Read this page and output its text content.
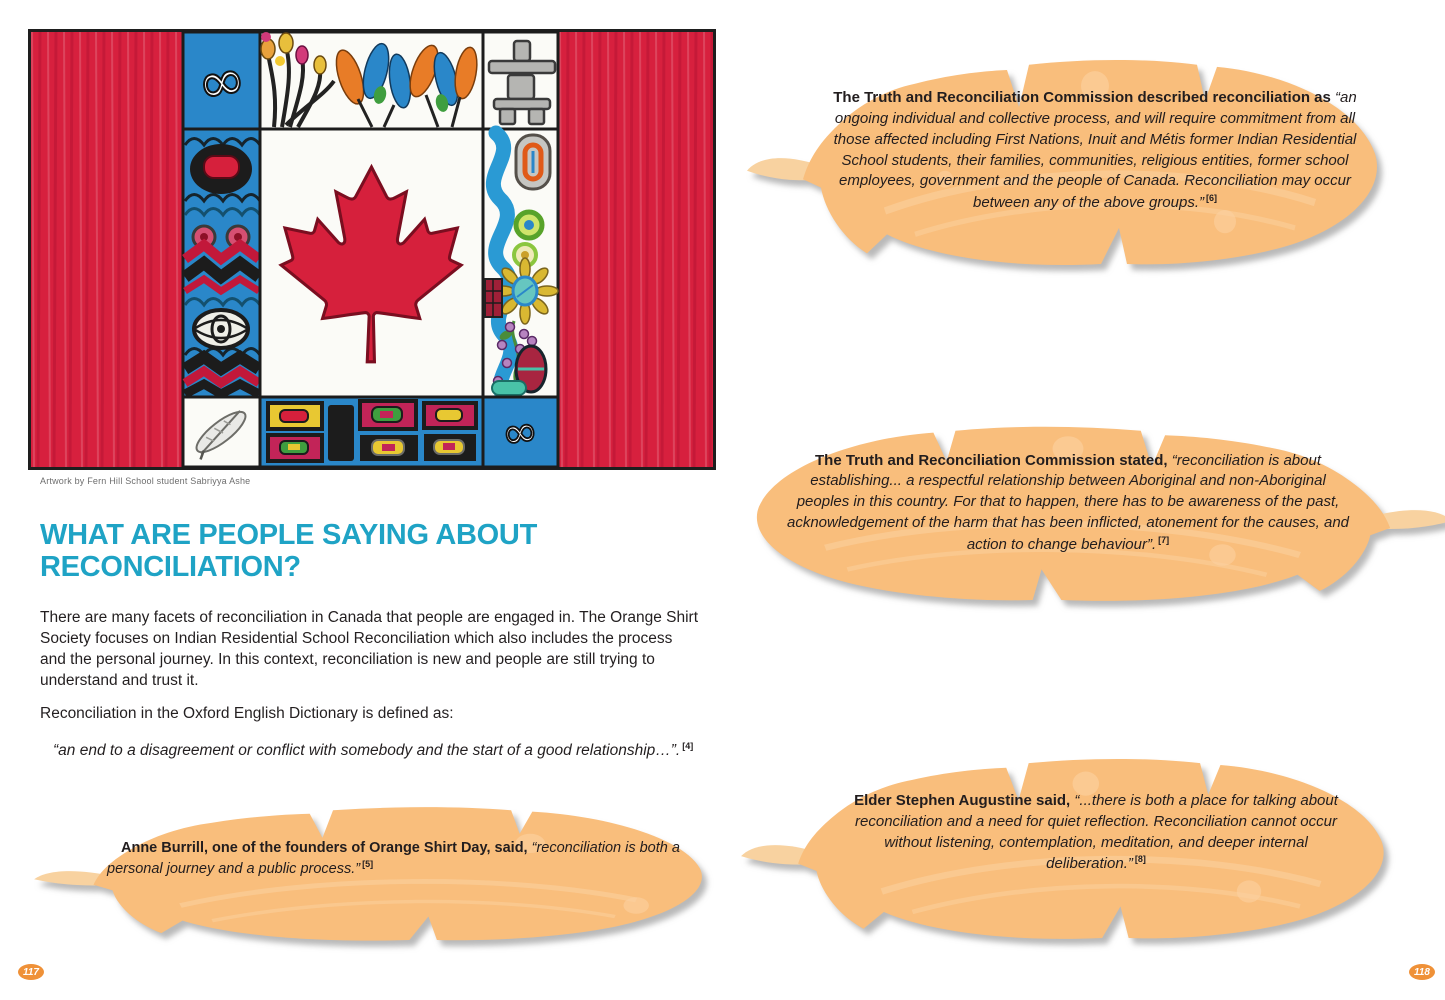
∞
∞
Artwork by Fern Hill School student Sabriyya Ashe
WHAT ARE PEOPLE SAYING ABOUT RECONCILIATION?

There are many facets of reconciliation in Canada that people are engaged in. The Orange Shirt Society focuses on Indian Residential School Reconciliation which also includes the process and the personal journey. In this context, reconciliation is new and people are still trying to understand and trust it.

Reconciliation in the Oxford English Dictionary is defined as:

“an end to a disagreement or conflict with somebody and the start of a good relationship…”. [4]

The Truth and Reconciliation Commission described reconciliation as “an ongoing individual and collective process, and will require commitment from all those affected including First Nations, Inuit and Métis former Indian Residential School students, their families, communities, religious entities, former school employees, government and the people of Canada. Reconciliation may occur between any of the above groups.” [6]

The Truth and Reconciliation Commission stated, “reconciliation is about establishing... a respectful relationship between Aboriginal and non-Aboriginal peoples in this country. For that to happen, there has to be awareness of the past, acknowledgement of the harm that has been inflicted, atonement for the causes, and action to change behaviour”. [7]

Elder Stephen Augustine said, “...there is both a place for talking about reconciliation and a need for quiet reflection. Reconciliation cannot occur without listening, contemplation, meditation, and deeper internal deliberation.” [8]

Anne Burrill, one of the founders of Orange Shirt Day, said, “reconciliation is both a personal journey and a public process.” [5]

117	118
